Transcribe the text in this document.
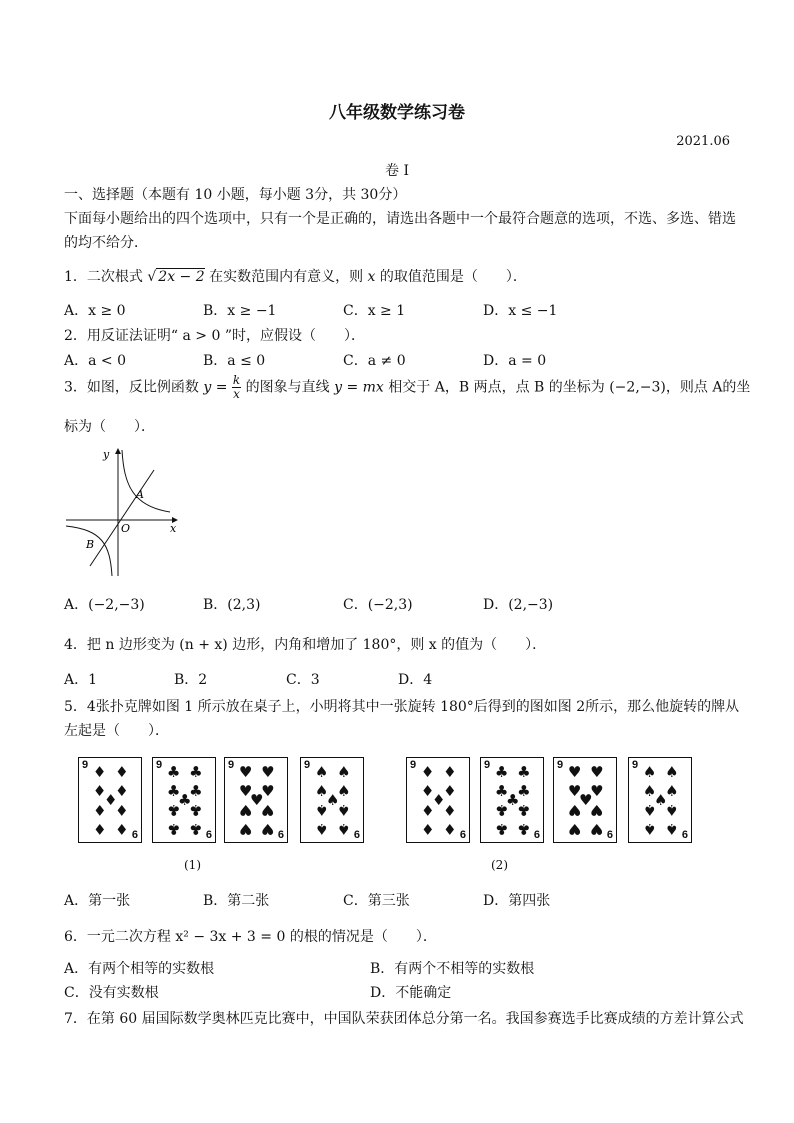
八年级数学练习卷
2021.06
卷 I
一、选择题（本题有 10 小题，每小题 3分，共 30分）
下面每小题给出的四个选项中，只有一个是正确的，请选出各题中一个最符合题意的选项，不选、多选、错选
的均不给分．
1．二次根式 √ 2x − 2 在实数范围内有意义，则 x 的取值范围是（　　）．
A．x ≥ 0	B．x ≥ −1	C．x ≥ 1	D．x ≤ −1
2．用反证法证明“ a > 0 ”时，应假设（　　）．
A．a < 0	B．a ≤ 0	C．a ≠ 0	D．a = 0
3．如图，反比例函数 $y = \frac{k}{x}$ 的图象与直线 y = mx 相交于 A，B 两点，点 B 的坐标为 (−2,−3)，则点 A的坐
标为（　　）．
y
x
O
A
B
A．(−2,−3)	B．(2,3)	C．(−2,3)	D．(2,−3)
4．把 n 边形变为 (n + x) 边形，内角和增加了 180°，则 x 的值为（　　）．
A．1	B．2	C．3	D．4
5．4张扑克牌如图 1 所示放在桌子上，小明将其中一张旋转 180°后得到的图如图 2所示，那么他旋转的牌从
左起是（　　）．
9
6
♦ ♦
♦ ♦
♦
♦ ♦
♦ ♦
9
6
♣ ♣
♣ ♣
♣
♣ ♣
♣ ♣
9
6
♥ ♥
♥ ♥
♥
♥ ♥
♥ ♥
9
6
♠ ♠
♠ ♠
♠
♠ ♠
♠ ♠
9
6
♦ ♦
♦ ♦
♦
♦ ♦
♦ ♦
9
6
♣ ♣
♣ ♣
♣
♣ ♣
♣ ♣
9
6
♥ ♥
♥ ♥
♥
♥ ♥
♥ ♥
9
6
♠ ♠
♠ ♠
♠
♠ ♠
♠ ♠
(1)	(2)
A．第一张	B．第二张	C．第三张	D．第四张
6．一元二次方程 x² − 3x + 3 = 0 的根的情况是（　　）．
A．有两个相等的实数根	B．有两个不相等的实数根
C．没有实数根	D．不能确定
7．在第 60 届国际数学奥林匹克比赛中，中国队荣获团体总分第一名。我国参赛选手比赛成绩的方差计算公式
